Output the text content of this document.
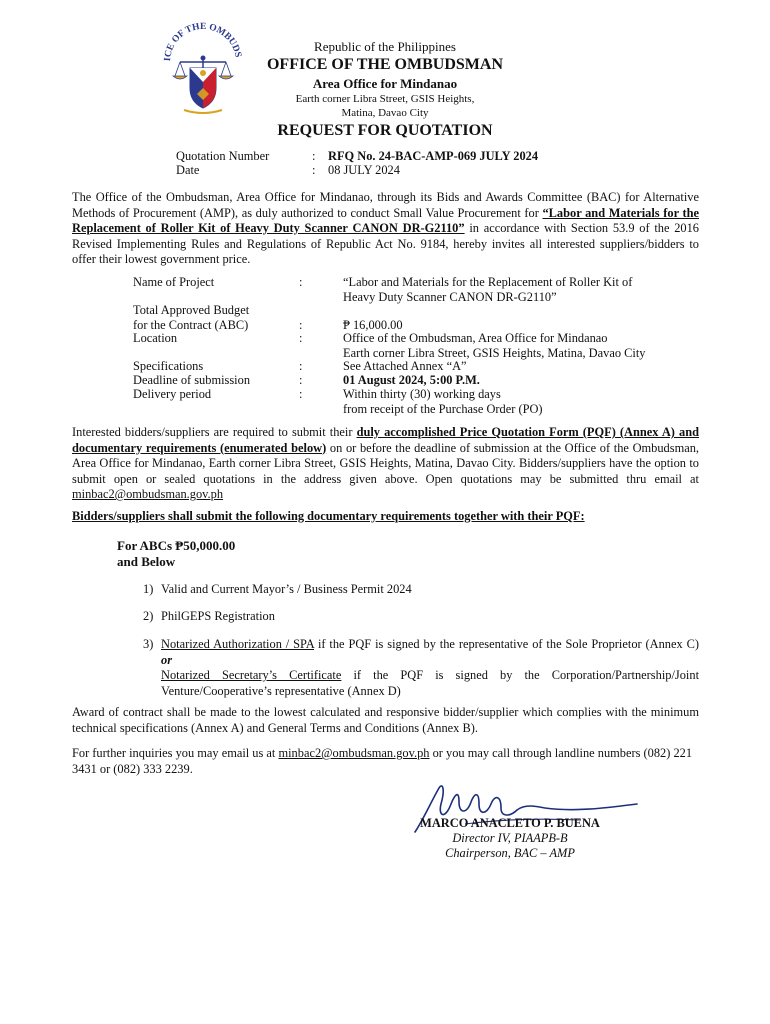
ICE OF THE OMBUDS
Republic of the Philippines
OFFICE OF THE OMBUDSMAN
Area Office for Mindanao
Earth corner Libra Street, GSIS Heights,
Matina, Davao City
REQUEST FOR QUOTATION
Quotation Number	: RFQ No. 24-BAC-AMP-069 JULY 2024
Date	: 08 JULY 2024
The Office of the Ombudsman, Area Office for Mindanao, through its Bids and Awards Committee (BAC) for Alternative Methods of Procurement (AMP), as duly authorized to conduct Small Value Procurement for “Labor and Materials for the Replacement of Roller Kit of Heavy Duty Scanner CANON DR-G2110” in accordance with Section 53.9 of the 2016 Revised Implementing Rules and Regulations of Republic Act No. 9184, hereby invites all interested suppliers/bidders to offer their lowest government price.
Name of Project	:	“Labor and Materials for the Replacement of Roller Kit of
Heavy Duty Scanner CANON DR-G2110”
Total Approved Budget
for the Contract (ABC)	:	₱ 16,000.00
Location	:	Office of the Ombudsman, Area Office for Mindanao
Earth corner Libra Street, GSIS Heights, Matina, Davao City
Specifications	:	See Attached Annex “A”
Deadline of submission	:	01 August 2024, 5:00 P.M.
Delivery period	:	Within thirty (30) working days
from receipt of the Purchase Order (PO)
Interested bidders/suppliers are required to submit their duly accomplished Price Quotation Form (PQF) (Annex A) and documentary requirements (enumerated below) on or before the deadline of submission at the Office of the Ombudsman, Area Office for Mindanao, Earth corner Libra Street, GSIS Heights, Matina, Davao City. Bidders/suppliers have the option to submit open or sealed quotations in the address given above. Open quotations may be submitted thru email at minbac2@ombudsman.gov.ph
Bidders/suppliers shall submit the following documentary requirements together with their PQF:
For ABCs ₱50,000.00
and Below
1) Valid and Current Mayor’s / Business Permit 2024
2) PhilGEPS Registration
3) Notarized Authorization / SPA if the PQF is signed by the representative of the Sole Proprietor (Annex C) or
Notarized Secretary’s Certificate if the PQF is signed by the Corporation/Partnership/Joint Venture/Cooperative’s representative (Annex D)
Award of contract shall be made to the lowest calculated and responsive bidder/supplier which complies with the minimum technical specifications (Annex A) and General Terms and Conditions (Annex B).
For further inquiries you may email us at minbac2@ombudsman.gov.ph or you may call through landline numbers (082) 221 3431 or (082) 333 2239.
MARCO ANACLETO P. BUENA
Director IV, PIAAPB-B
Chairperson, BAC – AMP
